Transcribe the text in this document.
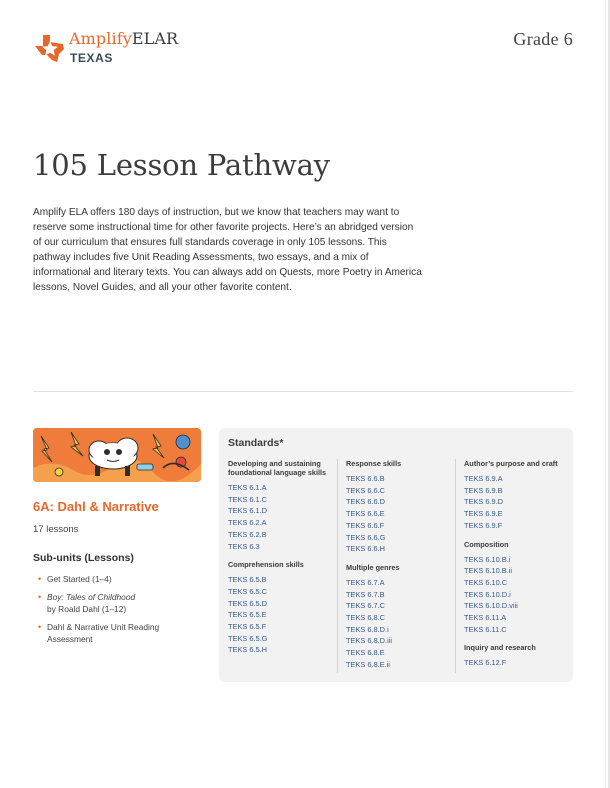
AmplifyELAR
TEXAS
Grade 6
105 Lesson Pathway

Amplify ELA offers 180 days of instruction, but we know that teachers may want to reserve some instructional time for other favorite projects. Here’s an abridged version of our curriculum that ensures full standards coverage in only 105 lessons. This pathway includes five Unit Reading Assessments, two essays, and a mix of informational and literary texts. You can always add on Quests, more Poetry in America lessons, Novel Guides, and all your other favorite content.

6A: Dahl & Narrative
17 lessons
Sub-units (Lessons)
• Get Started (1–4)
• Boy: Tales of Childhood
by Roald Dahl (1–12)
• Dahl & Narrative Unit Reading Assessment
Standards*

Developing and sustaining foundational language skills

TEKS 6.1.A

TEKS 6.1.C

TEKS 6.1.D

TEKS 6.2.A

TEKS 6.2.B

TEKS 6.3

Comprehension skills

TEKS 6.5.B

TEKS 6.5.C

TEKS 6.5.D

TEKS 6.5.E

TEKS 6.5.F

TEKS 6.5.G

TEKS 6.5.H

Response skills

TEKS 6.6.B

TEKS 6.6.C

TEKS 6.6.D

TEKS 6.6.E

TEKS 6.6.F

TEKS 6.6.G

TEKS 6.6.H

Multiple genres

TEKS 6.7.A

TEKS 6.7.B

TEKS 6.7.C

TEKS 6.8.C

TEKS 6.8.D.i

TEKS 6.8.D.iii

TEKS 6.8.E

TEKS 6.8.E.ii

Author’s purpose and craft

TEKS 6.9.A

TEKS 6.9.B

TEKS 6.9.D

TEKS 6.9.E

TEKS 6.9.F

Composition

TEKS 6.10.B.i

TEKS 6.10.B.ii

TEKS 6.10.C

TEKS 6.10.D.i

TEKS 6.10.D.viii

TEKS 6.11.A

TEKS 6.11.C

Inquiry and research

TEKS 6.12.F
